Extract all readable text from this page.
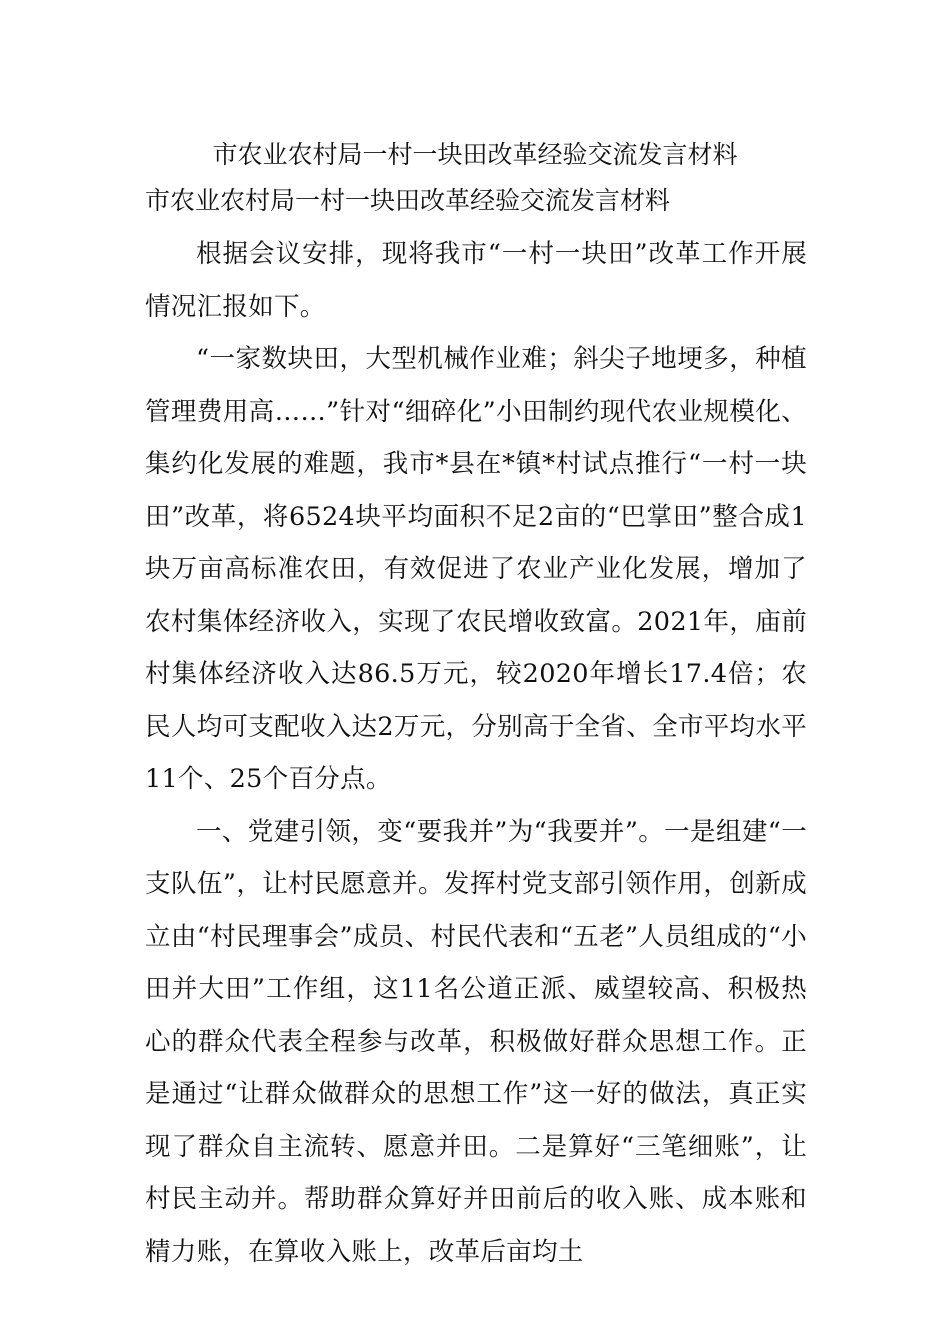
市农业农村局一村一块田改革经验交流发言材料
市农业农村局一村一块田改革经验交流发言材料

根据会议安排，现将我市“一村一块田”改革工作开展情况汇报如下。

“一家数块田，大型机械作业难；斜尖子地埂多，种植管理费用高……”针对“细碎化”小田制约现代农业规模化、集约化发展的难题，我市*县在*镇*村试点推行“一村一块田”改革，将6524块平均面积不足2亩的“巴掌田”整合成1块万亩高标准农田，有效促进了农业产业化发展，增加了农村集体经济收入，实现了农民增收致富。2021年，庙前村集体经济收入达86.5万元，较2020年增长17.4倍；农民人均可支配收入达2万元，分别高于全省、全市平均水平11个、25个百分点。

一、党建引领，变“要我并”为“我要并”。一是组建“一支队伍”，让村民愿意并。发挥村党支部引领作用，创新成立由“村民理事会”成员、村民代表和“五老”人员组成的“小田并大田”工作组，这11名公道正派、威望较高、积极热心的群众代表全程参与改革，积极做好群众思想工作。正是通过“让群众做群众的思想工作”这一好的做法，真正实现了群众自主流转、愿意并田。二是算好“三笔细账”，让村民主动并。帮助群众算好并田前后的收入账、成本账和精力账，在算收入账上，改革后亩均土
